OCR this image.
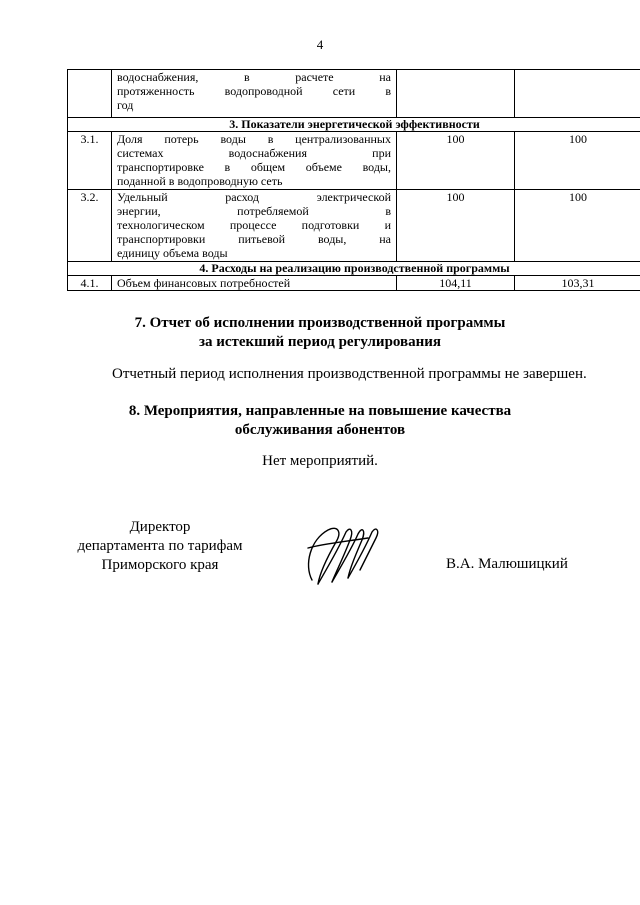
4

	водоснабжения, в расчете на
протяженность водопроводной сети в
год		

3. Показатели энергетической эффективности			
3.1.	Доля потерь воды в централизованных
системах водоснабжения при
транспортировке в общем объеме воды,
поданной в водопроводную сеть	100	100
3.2.	Удельный расход электрической
энергии, потребляемой в
технологическом процессе подготовки и
транспортировки питьевой воды, на
единицу объема воды	100	100
4. Расходы на реализацию производственной программы			
4.1.	Объем финансовых потребностей	104,11	103,31
7. Отчет об исполнении производственной программы
за истекший период регулирования
Отчетный период исполнения производственной программы не завершен.
8. Мероприятия, направленные на повышение качества
обслуживания абонентов
Нет мероприятий.
Директор
департамента по тарифам
Приморского края	В.А. Малюшицкий
